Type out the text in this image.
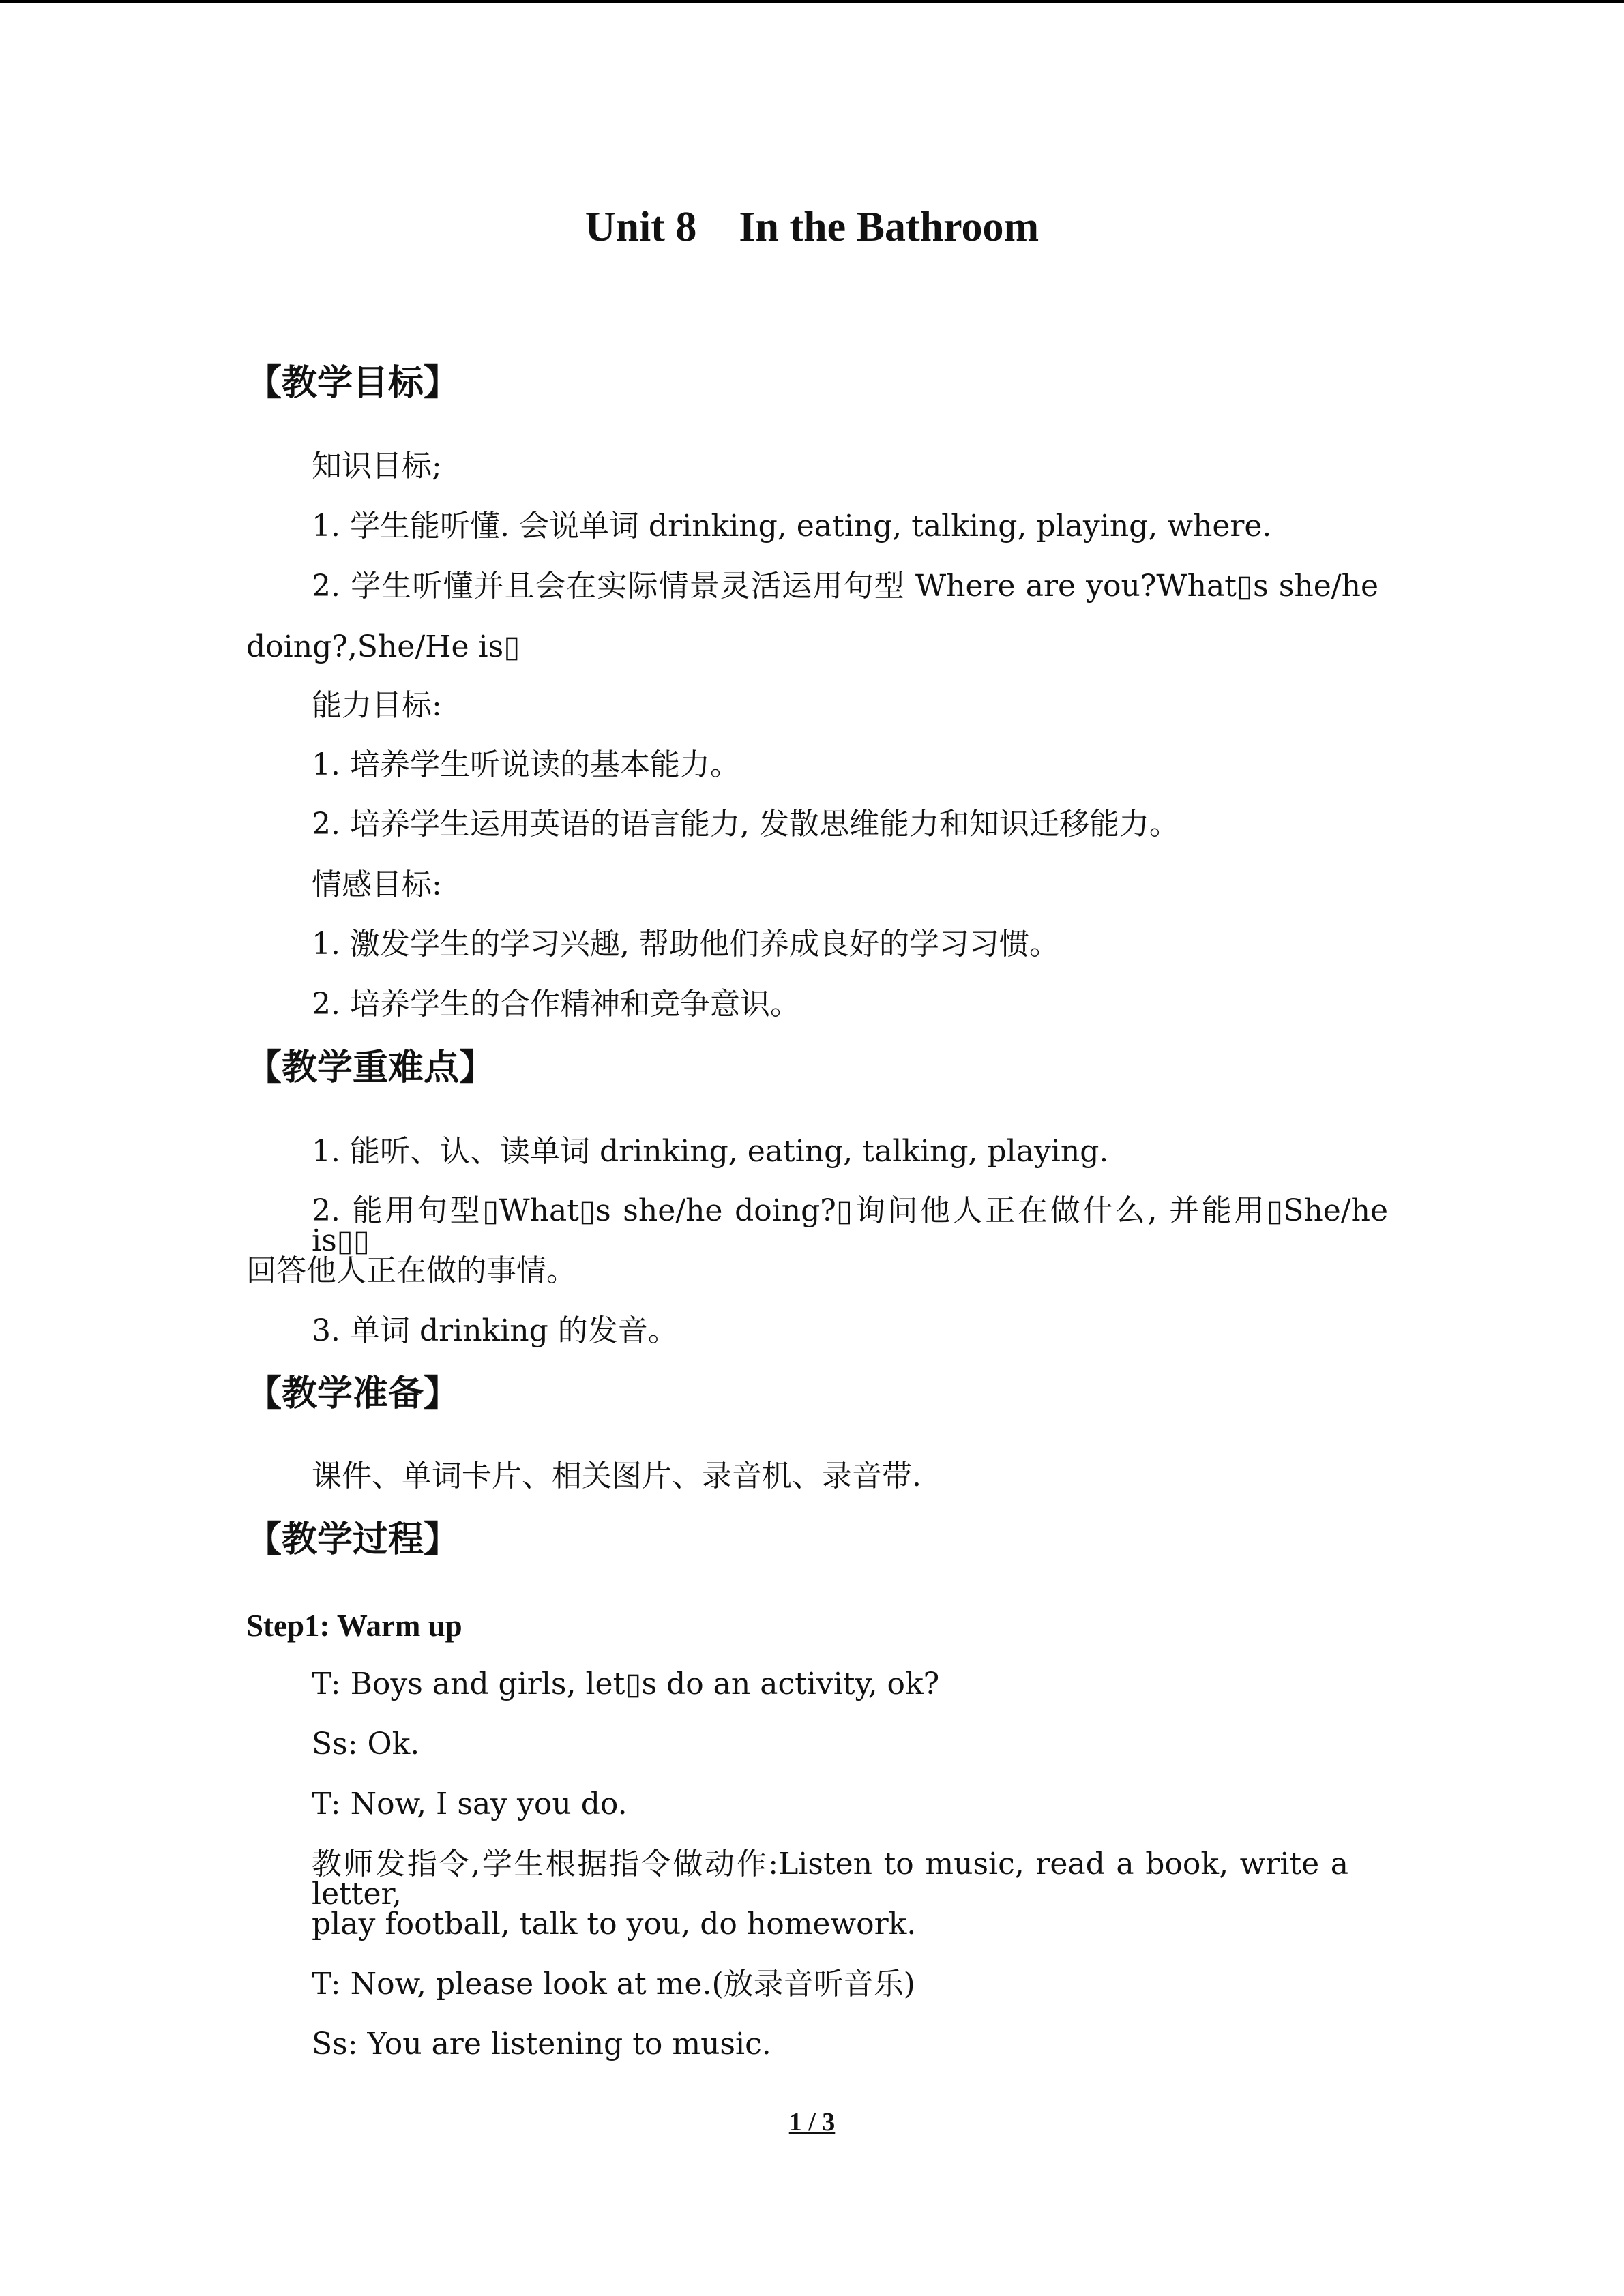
Unit 8    In the Bathroom
【教学目标】
知识目标;
1. 学生能听懂. 会说单词 drinking, eating, talking, playing, where.
2. 学生听懂并且会在实际情景灵活运用句型 Where are you?What▯s she/he
doing?,She/He is▯
能力目标:
1. 培养学生听说读的基本能力。
2. 培养学生运用英语的语言能力, 发散思维能力和知识迁移能力。
情感目标:
1. 激发学生的学习兴趣, 帮助他们养成良好的学习习惯。
2. 培养学生的合作精神和竞争意识。
【教学重难点】
1. 能听、认、读单词 drinking, eating, talking, playing.
2. 能用句型▯What▯s she/he doing?▯询问他人正在做什么, 并能用▯She/he is▯▯
回答他人正在做的事情。
3. 单词 drinking 的发音。
【教学准备】
课件、单词卡片、相关图片、录音机、录音带.
【教学过程】
Step1: Warm up
T: Boys and girls, let▯s do an activity, ok?
Ss: Ok.
T: Now, I say you do.
教师发指令,学生根据指令做动作:Listen to music, read a book, write a letter,
play football, talk to you, do homework.
T: Now, please look at me.(放录音听音乐)
Ss: You are listening to music.
1 / 3
